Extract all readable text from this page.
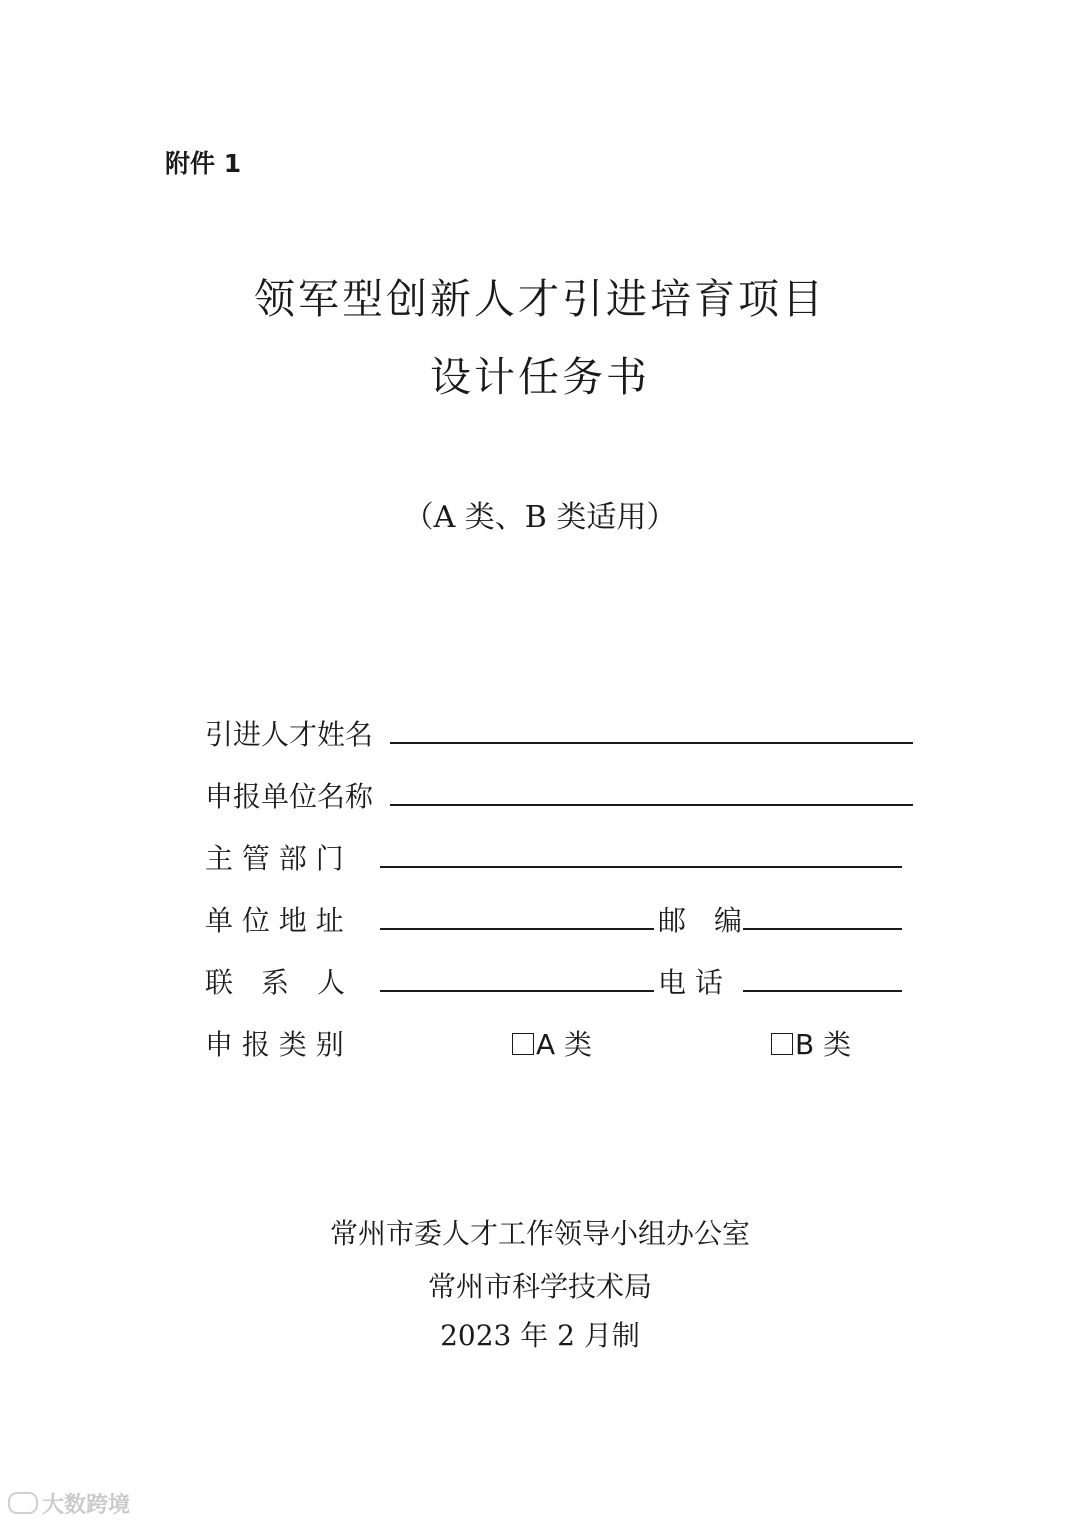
附件 1
领军型创新人才引进培育项目
设计任务书
（A 类、B 类适用）
引进人才姓名
申报单位名称
主 管 部 门
单 位 地 址	邮　编
联　系　人	电 话
申 报 类 别	A 类	B 类
常州市委人才工作领导小组办公室
常州市科学技术局
2023 年 2 月制
大数跨境
